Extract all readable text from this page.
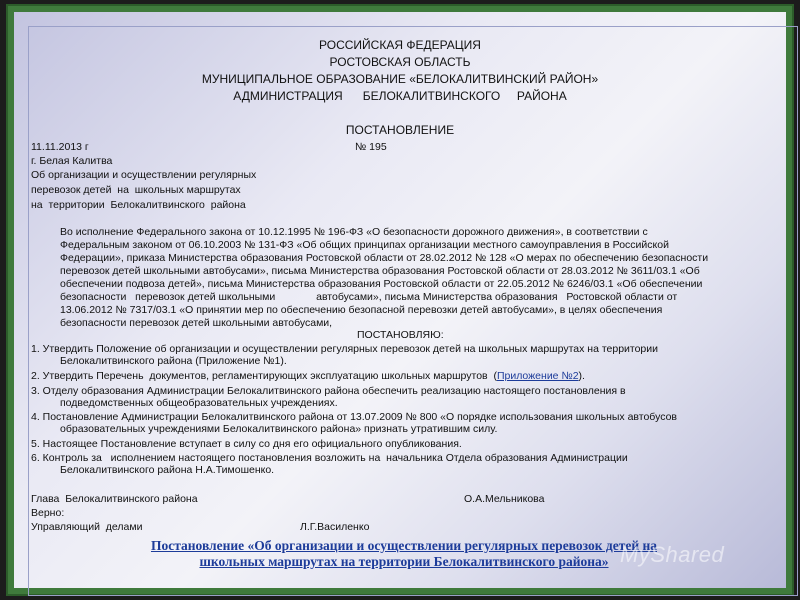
РОССИЙСКАЯ ФЕДЕРАЦИЯ
РОСТОВСКАЯ ОБЛАСТЬ
МУНИЦИПАЛЬНОЕ ОБРАЗОВАНИЕ «БЕЛОКАЛИТВИНСКИЙ РАЙОН»
АДМИНИСТРАЦИЯ      БЕЛОКАЛИТВИНСКОГО     РАЙОНА
ПОСТАНОВЛЕНИЕ
11.11.2013 г	№ 195
г. Белая Калитва
Об организации и осуществлении регулярных
перевозок детей  на  школьных маршрутах
на  территории  Белокалитвинского  района
Во исполнение Федерального закона от 10.12.1995 № 196-ФЗ «О безопасности дорожного движения», в соответствии с
Федеральным законом от 06.10.2003 № 131-ФЗ «Об общих принципах организации местного самоуправления в Российской
Федерации», приказа Министерства образования Ростовской области от 28.02.2012 № 128 «О мерах по обеспечению безопасности
перевозок детей школьными автобусами», письма Министерства образования Ростовской области от 28.03.2012 № 3611/03.1 «Об
обеспечении подвоза детей», письма Министерства образования Ростовской области от 22.05.2012 № 6246/03.1 «Об обеспечении
безопасности   перевозок детей школьными              автобусами», письма Министерства образования   Ростовской области от
13.06.2012 № 7317/03.1 «О принятии мер по обеспечению безопасной перевозки детей автобусами», в целях обеспечения
безопасности перевозок детей школьными автобусами,
ПОСТАНОВЛЯЮ:
1. Утвердить Положение об организации и осуществлении регулярных перевозок детей на школьных маршрутах на территории
Белокалитвинского района (Приложение №1).
2. Утвердить Перечень  документов, регламентирующих эксплуатацию школьных маршрутов  (Приложение №2).
3. Отделу образования Администрации Белокалитвинского района обеспечить реализацию настоящего постановления в
подведомственных общеобразовательных учреждениях.
4. Постановление Администрации Белокалитвинского района от 13.07.2009 № 800 «О порядке использования школьных автобусов
образовательных учреждениями Белокалитвинского района» признать утратившим силу.
5. Настоящее Постановление вступает в силу со дня его официального опубликования.
6. Контроль за   исполнением настоящего постановления возложить на  начальника Отдела образования Администрации
Белокалитвинского района Н.А.Тимошенко.
Глава  Белокалитвинского района	О.А.Мельникова
Верно:
Управляющий  делами	Л.Г.Василенко
Постановление «Об организации и осуществлении регулярных перевозок детей на
школьных маршрутах на территории Белокалитвинского района» MyShared
